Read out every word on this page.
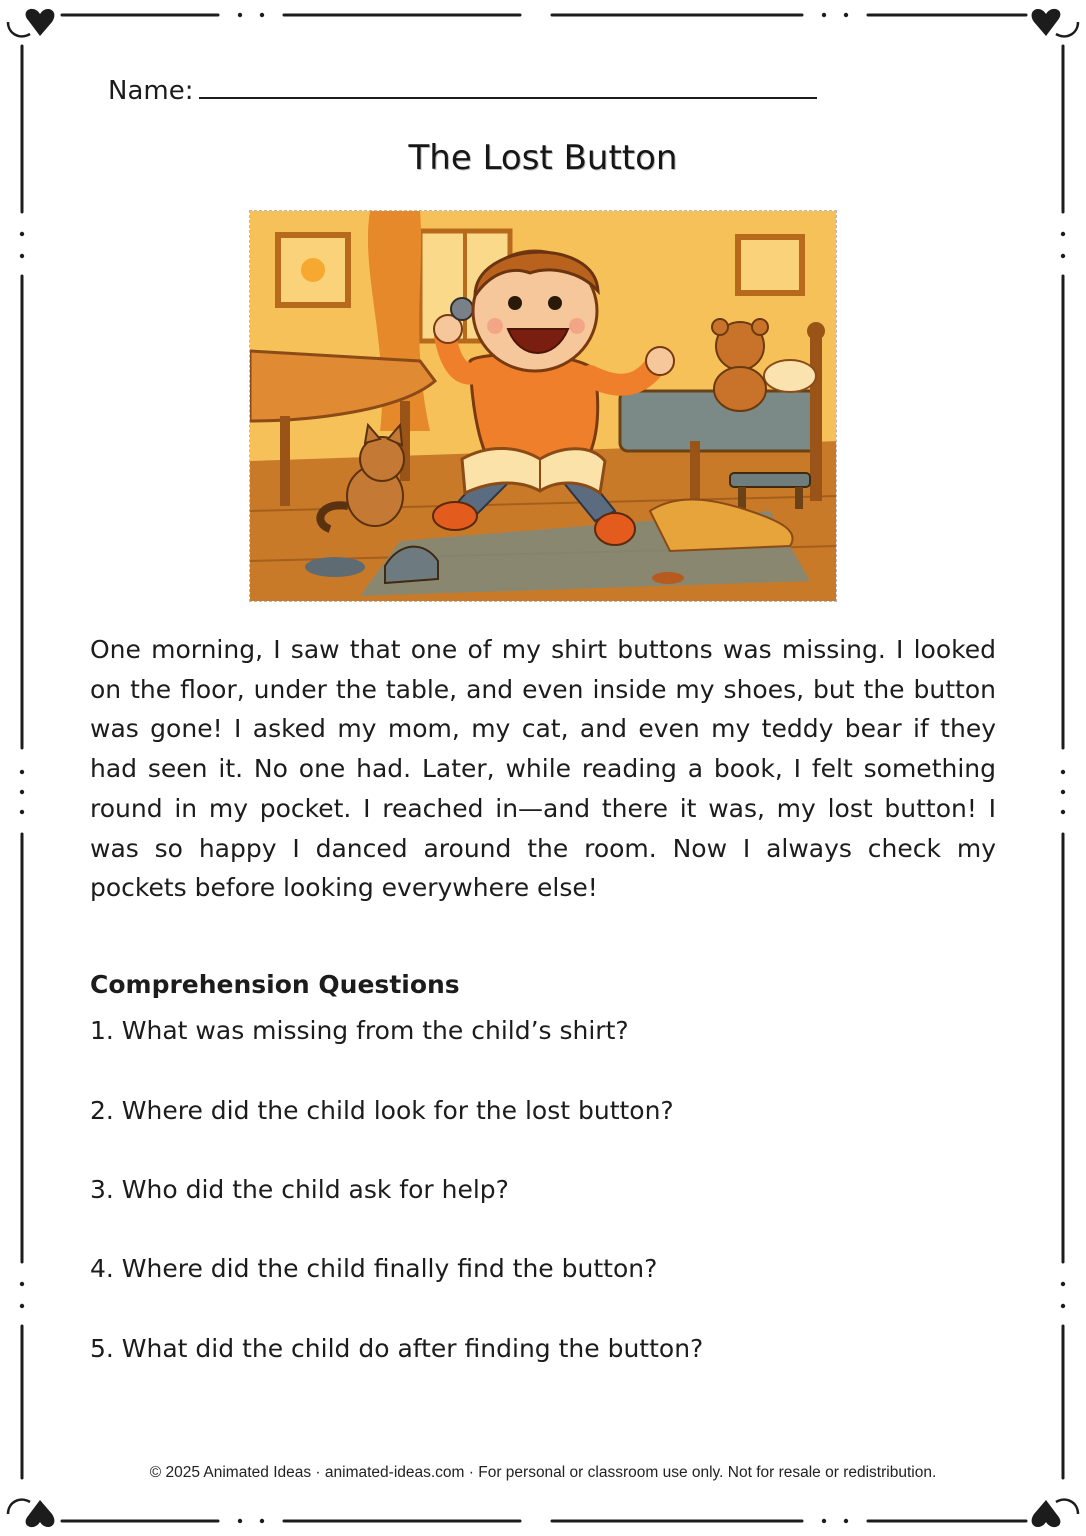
Name:
The Lost Button

One morning, I saw that one of my shirt buttons was missing. I looked on the floor, under the table, and even inside my shoes, but the button was gone! I asked my mom, my cat, and even my teddy bear if they had seen it. No one had. Later, while reading a book, I felt something round in my pocket. I reached in—and there it was, my lost button! I was so happy I danced around the room. Now I always check my pockets before looking everywhere else!

Comprehension Questions

1. What was missing from the child’s shirt?

2. Where did the child look for the lost button?

3. Who did the child ask for help?

4. Where did the child finally find the button?

5. What did the child do after finding the button?

© 2025 Animated Ideas · animated-ideas.com · For personal or classroom use only. Not for resale or redistribution.
